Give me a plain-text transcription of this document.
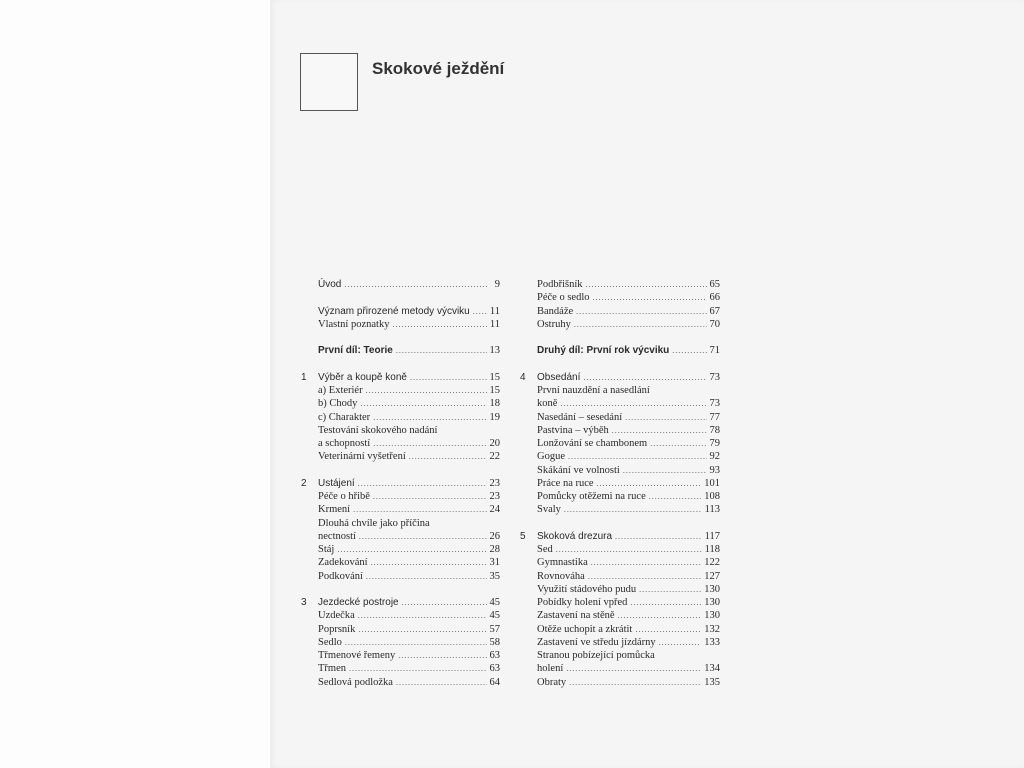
Skokové ježdění
Úvod .....	9
Význam přirozené metody výcviku ..... 11
Vlastní poznatky .....	11
První díl: Teorie .....	13
1	Výběr a koupě koně .....	15
a) Exteriér .....	15
b) Chody .....	18
c) Charakter .....	19
Testování skokového nadání
a schopností .....	20
Veterinární vyšetření .....	22
2	Ustájení .....	23
Péče o hřibě .....	23
Krmení .....	24
Dlouhá chvíle jako příčina
nectností .....	26
Stáj .....	28
Zadekování .....	31
Podkování .....	35
3	Jezdecké postroje .....	45
Uzdečka .....	45
Poprsník .....	57
Sedlo .....	58
Třmenové řemeny .....	63
Třmen .....	63
Sedlová podložka .....	64
Podbřišník .....	65
Péče o sedlo .....	66
Bandáže .....	67
Ostruhy .....	70
Druhý díl: První rok výcviku .....	71
4	Obsedání .....	73
První nauzdění a nasedlání
koně .....	73
Nasedání – sesedání .....	77
Pastvina – výběh .....	78
Lonžování se chambonem .....	79
Gogue .....	92
Skákání ve volnosti .....	93
Práce na ruce .....	101
Pomůcky otěžemi na ruce .....	108
Svaly .....	113
5	Skoková drezura .....	117
Sed .....	118
Gymnastika .....	122
Rovnováha .....	127
Využití stádového pudu .....	130
Pobídky holení vpřed .....	130
Zastavení na stěně .....	130
Otěže uchopit a zkrátit .....	132
Zastavení ve středu jízdárny .....	133
Stranou pobízející pomůcka
holení .....	134
Obraty .....	135
